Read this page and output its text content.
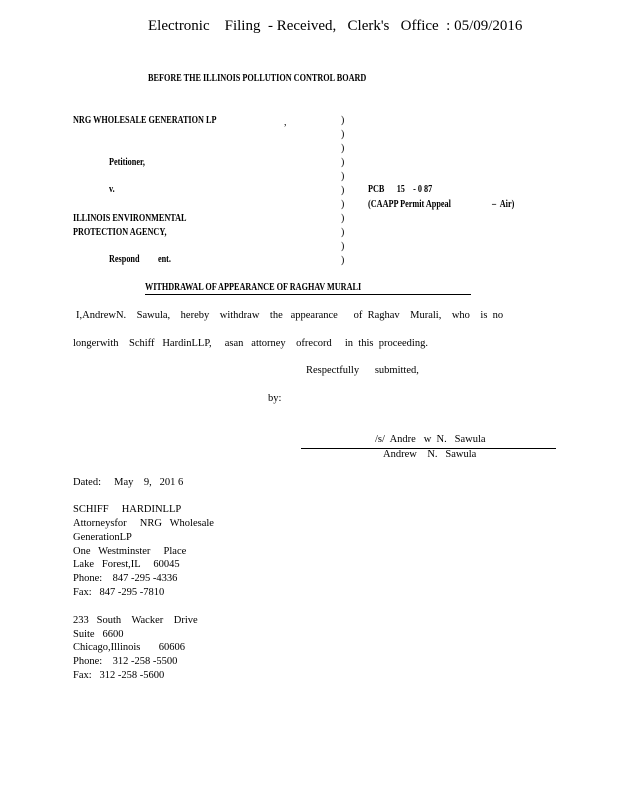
Electronic    Filing  - Received,   Clerk's   Office  : 05/09/2016
BEFORE THE ILLINOIS POLLUTION CONTROL BOARD
NRG WHOLESALE GENERATION LP	,
Petitioner,
v.
ILLINOIS ENVIRONMENTAL
PROTECTION AGENCY,
Respond         ent.
)
)
)
)
)
)
)
)
)
)
)
PCB      15    - 0 87
(CAAPP Permit Appeal	–  Air)
WITHDRAWAL OF APPEARANCE OF RAGHAV MURALI
I,AndrewN.    Sawula,    hereby    withdraw    the   appearance      of  Raghav    Murali,    who    is  no
longerwith    Schiff   HardinLLP,     asan   attorney    ofrecord     in  this  proceeding.
Respectfully      submitted,
by:
/s/  Andre   w  N.   Sawula
Andrew    N.   Sawula
Dated:     May    9,   201 6
SCHIFF     HARDINLLP
Attorneysfor     NRG   Wholesale
GenerationLP
One   Westminster     Place
Lake   Forest,IL     60045
Phone:    847 -295 -4336
Fax:   847 -295 -7810
233   South    Wacker    Drive
Suite   6600
Chicago,Illinois       60606
Phone:    312 -258 -5500
Fax:   312 -258 -5600
